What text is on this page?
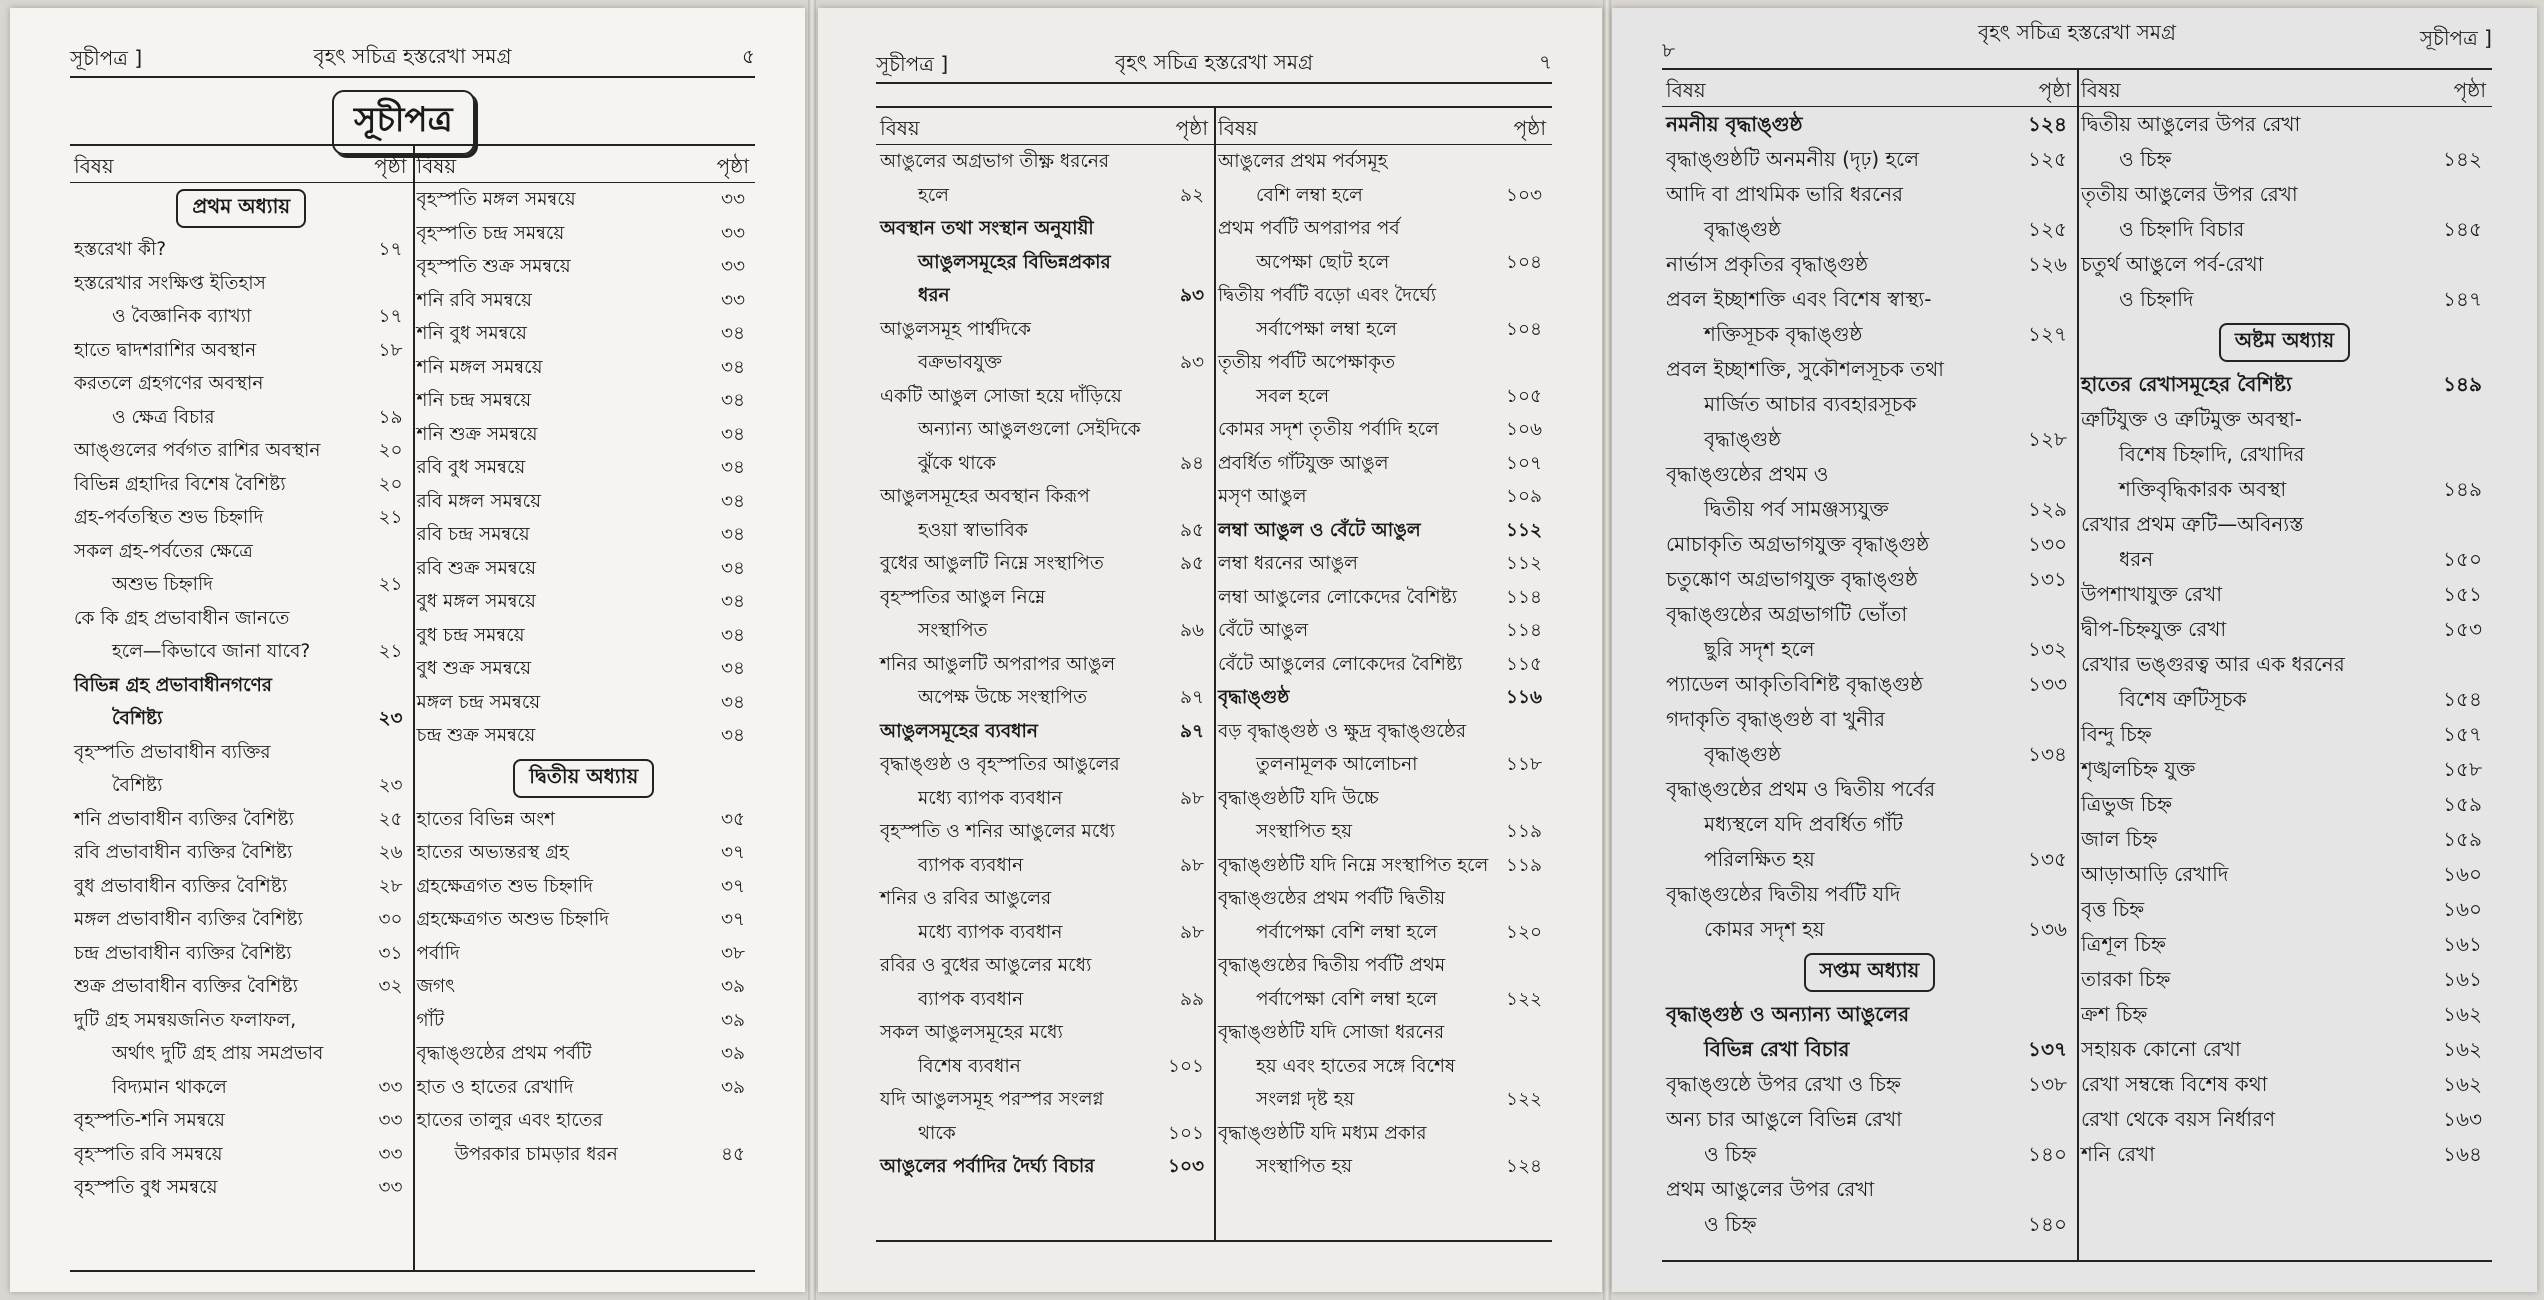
সূচীপত্র ]	বৃহৎ সচিত্র হস্তরেখা সমগ্র	৫
সূচীপত্র
বিষয়	পৃষ্ঠা
প্রথম অধ্যায়
হস্তরেখা কী?	১৭
হস্তরেখার সংক্ষিপ্ত ইতিহাস
ও বৈজ্ঞানিক ব্যাখ্যা	১৭
হাতে দ্বাদশরাশির অবস্থান	১৮
করতলে গ্রহগণের অবস্থান
ও ক্ষেত্র বিচার	১৯
আঙ্গুলের পর্বগত রাশির অবস্থান	২০
বিভিন্ন গ্রহাদির বিশেষ বৈশিষ্ট্য	২০
গ্রহ-পর্বতস্থিত শুভ চিহ্নাদি	২১
সকল গ্রহ-পর্বতের ক্ষেত্রে
অশুভ চিহ্নাদি	২১
কে কি গ্রহ প্রভাবাধীন জানতে
হলে—কিভাবে জানা যাবে?	২১
বিভিন্ন গ্রহ প্রভাবাধীনগণের
বৈশিষ্ট্য	২৩
বৃহস্পতি প্রভাবাধীন ব্যক্তির
বৈশিষ্ট্য	২৩
শনি প্রভাবাধীন ব্যক্তির বৈশিষ্ট্য	২৫
রবি প্রভাবাধীন ব্যক্তির বৈশিষ্ট্য	২৬
বুধ প্রভাবাধীন ব্যক্তির বৈশিষ্ট্য	২৮
মঙ্গল প্রভাবাধীন ব্যক্তির বৈশিষ্ট্য	৩০
চন্দ্র প্রভাবাধীন ব্যক্তির বৈশিষ্ট্য	৩১
শুক্র প্রভাবাধীন ব্যক্তির বৈশিষ্ট্য	৩২
দুটি গ্রহ সমন্বয়জনিত ফলাফল,
অর্থাৎ দুটি গ্রহ প্রায় সমপ্রভাব
বিদ্যমান থাকলে	৩৩
বৃহস্পতি-শনি সমন্বয়ে	৩৩
বৃহস্পতি রবি সমন্বয়ে	৩৩
বৃহস্পতি বুধ সমন্বয়ে	৩৩
বিষয়	পৃষ্ঠা
বৃহস্পতি মঙ্গল সমন্বয়ে	৩৩
বৃহস্পতি চন্দ্র সমন্বয়ে	৩৩
বৃহস্পতি শুক্র সমন্বয়ে	৩৩
শনি রবি সমন্বয়ে	৩৩
শনি বুধ সমন্বয়ে	৩৪
শনি মঙ্গল সমন্বয়ে	৩৪
শনি চন্দ্র সমন্বয়ে	৩৪
শনি শুক্র সমন্বয়ে	৩৪
রবি বুধ সমন্বয়ে	৩৪
রবি মঙ্গল সমন্বয়ে	৩৪
রবি চন্দ্র সমন্বয়ে	৩৪
রবি শুক্র সমন্বয়ে	৩৪
বুধ মঙ্গল সমন্বয়ে	৩৪
বুধ চন্দ্র সমন্বয়ে	৩৪
বুধ শুক্র সমন্বয়ে	৩৪
মঙ্গল চন্দ্র সমন্বয়ে	৩৪
চন্দ্র শুক্র সমন্বয়ে	৩৪
দ্বিতীয় অধ্যায়
হাতের বিভিন্ন অংশ	৩৫
হাতের অভ্যন্তরস্থ গ্রহ	৩৭
গ্রহক্ষেত্রগত শুভ চিহ্নাদি	৩৭
গ্রহক্ষেত্রগত অশুভ চিহ্নাদি	৩৭
পর্বাদি	৩৮
জগৎ	৩৯
গাঁট	৩৯
বৃদ্ধাঙ্গুষ্ঠের প্রথম পর্বটি	৩৯
হাত ও হাতের রেখাদি	৩৯
হাতের তালুর এবং হাতের
উপরকার চামড়ার ধরন	৪৫
সূচীপত্র ]	বৃহৎ সচিত্র হস্তরেখা সমগ্র	৭
বিষয়	পৃষ্ঠা
আঙুলের অগ্রভাগ তীক্ষ্ণ ধরনের
হলে	৯২
অবস্থান তথা সংস্থান অনুযায়ী
আঙুলসমূহের বিভিন্নপ্রকার
ধরন	৯৩
আঙুলসমূহ পার্শ্বদিকে
বক্রভাবযুক্ত	৯৩
একটি আঙুল সোজা হয়ে দাঁড়িয়ে
অন্যান্য আঙুলগুলো সেইদিকে
ঝুঁকে থাকে	৯৪
আঙুলসমূহের অবস্থান কিরূপ
হওয়া স্বাভাবিক	৯৫
বুধের আঙুলটি নিম্নে সংস্থাপিত	৯৫
বৃহস্পতির আঙুল নিম্নে
সংস্থাপিত	৯৬
শনির আঙুলটি অপরাপর আঙুল
অপেক্ষ উচ্চে সংস্থাপিত	৯৭
আঙুলসমূহের ব্যবধান	৯৭
বৃদ্ধাঙ্গুষ্ঠ ও বৃহস্পতির আঙুলের
মধ্যে ব্যাপক ব্যবধান	৯৮
বৃহস্পতি ও শনির আঙুলের মধ্যে
ব্যাপক ব্যবধান	৯৮
শনির ও রবির আঙুলের
মধ্যে ব্যাপক ব্যবধান	৯৮
রবির ও বুধের আঙুলের মধ্যে
ব্যাপক ব্যবধান	৯৯
সকল আঙুলসমূহের মধ্যে
বিশেষ ব্যবধান	১০১
যদি আঙুলসমূহ পরস্পর সংলগ্ন
থাকে	১০১
আঙুলের পর্বাদির দৈর্ঘ্য বিচার	১০৩
বিষয়	পৃষ্ঠা
আঙুলের প্রথম পর্বসমূহ
বেশি লম্বা হলে	১০৩
প্রথম পর্বটি অপরাপর পর্ব
অপেক্ষা ছোট হলে	১০৪
দ্বিতীয় পর্বটি বড়ো এবং দৈর্ঘ্যে
সর্বাপেক্ষা লম্বা হলে	১০৪
তৃতীয় পর্বটি অপেক্ষাকৃত
সবল হলে	১০৫
কোমর সদৃশ তৃতীয় পর্বাদি হলে	১০৬
প্রবর্ধিত গাঁটযুক্ত আঙুল	১০৭
মসৃণ আঙুল	১০৯
লম্বা আঙুল ও বেঁটে আঙুল	১১২
লম্বা ধরনের আঙুল	১১২
লম্বা আঙুলের লোকেদের বৈশিষ্ট্য	১১৪
বেঁটে আঙুল	১১৪
বেঁটে আঙুলের লোকেদের বৈশিষ্ট্য ১১৫
বৃদ্ধাঙ্গুষ্ঠ	১১৬
বড় বৃদ্ধাঙ্গুষ্ঠ ও ক্ষুদ্র বৃদ্ধাঙ্গুষ্ঠের
তুলনামূলক আলোচনা	১১৮
বৃদ্ধাঙ্গুষ্ঠটি যদি উচ্চে
সংস্থাপিত হয়	১১৯
বৃদ্ধাঙ্গুষ্ঠটি যদি নিম্নে সংস্থাপিত হলে ১১৯
বৃদ্ধাঙ্গুষ্ঠের প্রথম পর্বটি দ্বিতীয়
পর্বাপেক্ষা বেশি লম্বা হলে	১২০
বৃদ্ধাঙ্গুষ্ঠের দ্বিতীয় পর্বটি প্রথম
পর্বাপেক্ষা বেশি লম্বা হলে	১২২
বৃদ্ধাঙ্গুষ্ঠটি যদি সোজা ধরনের
হয় এবং হাতের সঙ্গে বিশেষ
সংলগ্ন দৃষ্ট হয়	১২২
বৃদ্ধাঙ্গুষ্ঠটি যদি মধ্যম প্রকার
সংস্থাপিত হয়	১২৪
৮
বৃহৎ সচিত্র হস্তরেখা সমগ্র	সূচীপত্র ]
বিষয়	পৃষ্ঠা
নমনীয় বৃদ্ধাঙ্গুষ্ঠ	১২৪
বৃদ্ধাঙ্গুষ্ঠটি অনমনীয় (দৃঢ়) হলে	১২৫
আদি বা প্রাথমিক ভারি ধরনের
বৃদ্ধাঙ্গুষ্ঠ	১২৫
নার্ভাস প্রকৃতির বৃদ্ধাঙ্গুষ্ঠ	১২৬
প্রবল ইচ্ছাশক্তি এবং বিশেষ স্বাস্থ্য-
শক্তিসূচক বৃদ্ধাঙ্গুষ্ঠ	১২৭
প্রবল ইচ্ছাশক্তি, সুকৌশলসূচক তথা
মার্জিত আচার ব্যবহারসূচক
বৃদ্ধাঙ্গুষ্ঠ	১২৮
বৃদ্ধাঙ্গুষ্ঠের প্রথম ও
দ্বিতীয় পর্ব সামঞ্জস্যযুক্ত	১২৯
মোচাকৃতি অগ্রভাগযুক্ত বৃদ্ধাঙ্গুষ্ঠ	১৩০
চতুষ্কোণ অগ্রভাগযুক্ত বৃদ্ধাঙ্গুষ্ঠ	১৩১
বৃদ্ধাঙ্গুষ্ঠের অগ্রভাগটি ভোঁতা
ছুরি সদৃশ হলে	১৩২
প্যাডেল আকৃতিবিশিষ্ট বৃদ্ধাঙ্গুষ্ঠ	১৩৩
গদাকৃতি বৃদ্ধাঙ্গুষ্ঠ বা খুনীর
বৃদ্ধাঙ্গুষ্ঠ	১৩৪
বৃদ্ধাঙ্গুষ্ঠের প্রথম ও দ্বিতীয় পর্বের
মধ্যস্থলে যদি প্রবর্ধিত গাঁট
পরিলক্ষিত হয়	১৩৫
বৃদ্ধাঙ্গুষ্ঠের দ্বিতীয় পর্বটি যদি
কোমর সদৃশ হয়	১৩৬
সপ্তম অধ্যায়
বৃদ্ধাঙ্গুষ্ঠ ও অন্যান্য আঙুলের
বিভিন্ন রেখা বিচার	১৩৭
বৃদ্ধাঙ্গুষ্ঠে উপর রেখা ও চিহ্ন	১৩৮
অন্য চার আঙুলে বিভিন্ন রেখা
ও চিহ্ন	১৪০
প্রথম আঙুলের উপর রেখা
ও চিহ্ন	১৪০
বিষয়	পৃষ্ঠা
দ্বিতীয় আঙুলের উপর রেখা
ও চিহ্ন	১৪২
তৃতীয় আঙুলের উপর রেখা
ও চিহ্নাদি বিচার	১৪৫
চতুর্থ আঙুলে পর্ব-রেখা
ও চিহ্নাদি	১৪৭
অষ্টম অধ্যায়
হাতের রেখাসমূহের বৈশিষ্ট্য	১৪৯
ত্রুটিযুক্ত ও ত্রুটিমুক্ত অবস্থা-
বিশেষ চিহ্নাদি, রেখাদির
শক্তিবৃদ্ধিকারক অবস্থা	১৪৯
রেখার প্রথম ত্রুটি—অবিন্যস্ত
ধরন	১৫০
উপশাখাযুক্ত রেখা	১৫১
দ্বীপ-চিহ্নযুক্ত রেখা	১৫৩
রেখার ভঙ্গুরত্ব আর এক ধরনের
বিশেষ ত্রুটিসূচক	১৫৪
বিন্দু চিহ্ন	১৫৭
শৃঙ্খলচিহ্ন যুক্ত	১৫৮
ত্রিভুজ চিহ্ন	১৫৯
জাল চিহ্ন	১৫৯
আড়াআড়ি রেখাদি	১৬০
বৃত্ত চিহ্ন	১৬০
ত্রিশূল চিহ্ন	১৬১
তারকা চিহ্ন	১৬১
ক্রশ চিহ্ন	১৬২
সহায়ক কোনো রেখা	১৬২
রেখা সম্বন্ধে বিশেষ কথা	১৬২
রেখা থেকে বয়স নির্ধারণ	১৬৩
শনি রেখা	১৬৪
